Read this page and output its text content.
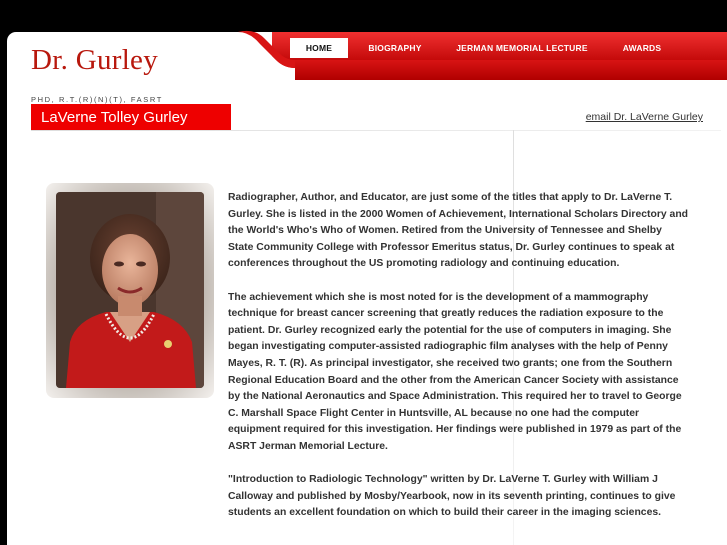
HOME	BIOGRAPHY	JERMAN MEMORIAL LECTURE	AWARDS
Dr. Gurley
PHD, R.T.(R)(N)(T), FASRT
LaVerne Tolley Gurley	email Dr. LaVerne Gurley

Radiographer, Author, and Educator, are just some of the titles that apply to Dr. LaVerne T. Gurley. She is listed in the 2000 Women of Achievement, International Scholars Directory and the World's Who's Who of Women. Retired from the University of Tennessee and Shelby State Community College with Professor Emeritus status, Dr. Gurley continues to speak at conferences throughout the US promoting radiology and continuing education.

The achievement which she is most noted for is the development of a mammography technique for breast cancer screening that greatly reduces the radiation exposure to the patient. Dr. Gurley recognized early the potential for the use of computers in imaging. She began investigating computer-assisted radiographic film analyses with the help of Penny Mayes, R. T. (R). As principal investigator, she received two grants; one from the Southern Regional Education Board and the other from the American Cancer Society with assistance by the National Aeronautics and Space Administration. This required her to travel to George C. Marshall Space Flight Center in Huntsville, AL because no one had the computer equipment required for this investigation. Her findings were published in 1979 as part of the ASRT Jerman Memorial Lecture.

"Introduction to Radiologic Technology" written by Dr. LaVerne T. Gurley with William J Calloway and published by Mosby/Yearbook, now in its seventh printing, continues to give students an excellent foundation on which to build their career in the imaging sciences.
